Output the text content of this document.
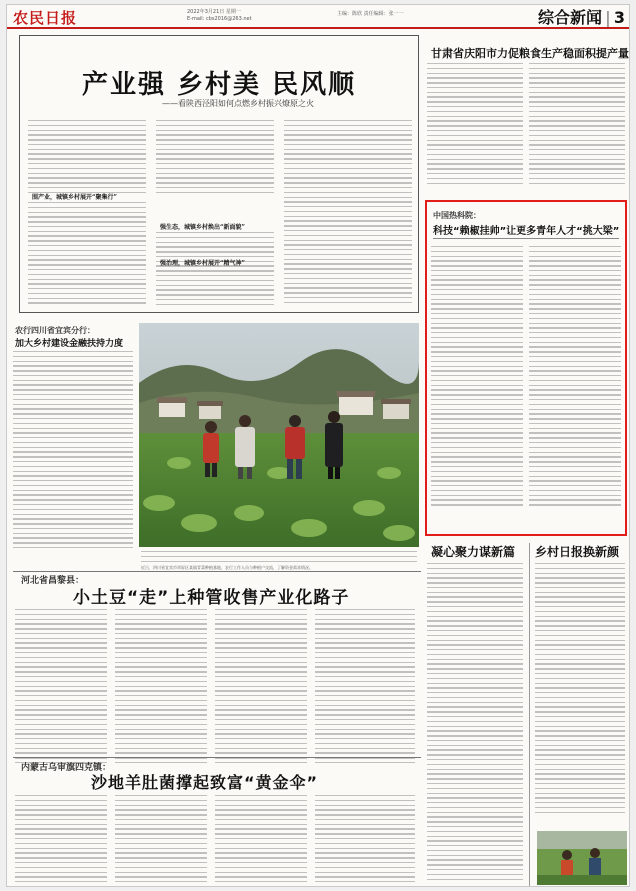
农民日报	2022年3月21日 星期一
E-mail: cbs2016@263.net
主编：陈欣 责任编辑：张一一	综合新闻 | 3
产业强 乡村美 民风顺
——看陕西泾阳如何点燃乡村振兴燎原之火
围产业，城镇乡村展开“聚集行”
强生态，城镇乡村焕出“新面貌”
强治理，城镇乡村展开“精气神”
甘肃省庆阳市力促粮食生产稳面积提产量
中国热科院：
科技“赖椒挂帅”让更多青年人才“挑大梁”
农行四川省宜宾分行：
加大乡村建设金融扶持力度
近日，四川省宜宾市翠屏区某镇青菜种植基地，农行工作人员与种植户交流，了解资金需求情况。
河北省昌黎县：
小土豆“走”上种管收售产业化路子
内蒙古乌审旗四克镇：
沙地羊肚菌撑起致富“黄金伞”
凝心聚力谋新篇 乡村日报换新颜
